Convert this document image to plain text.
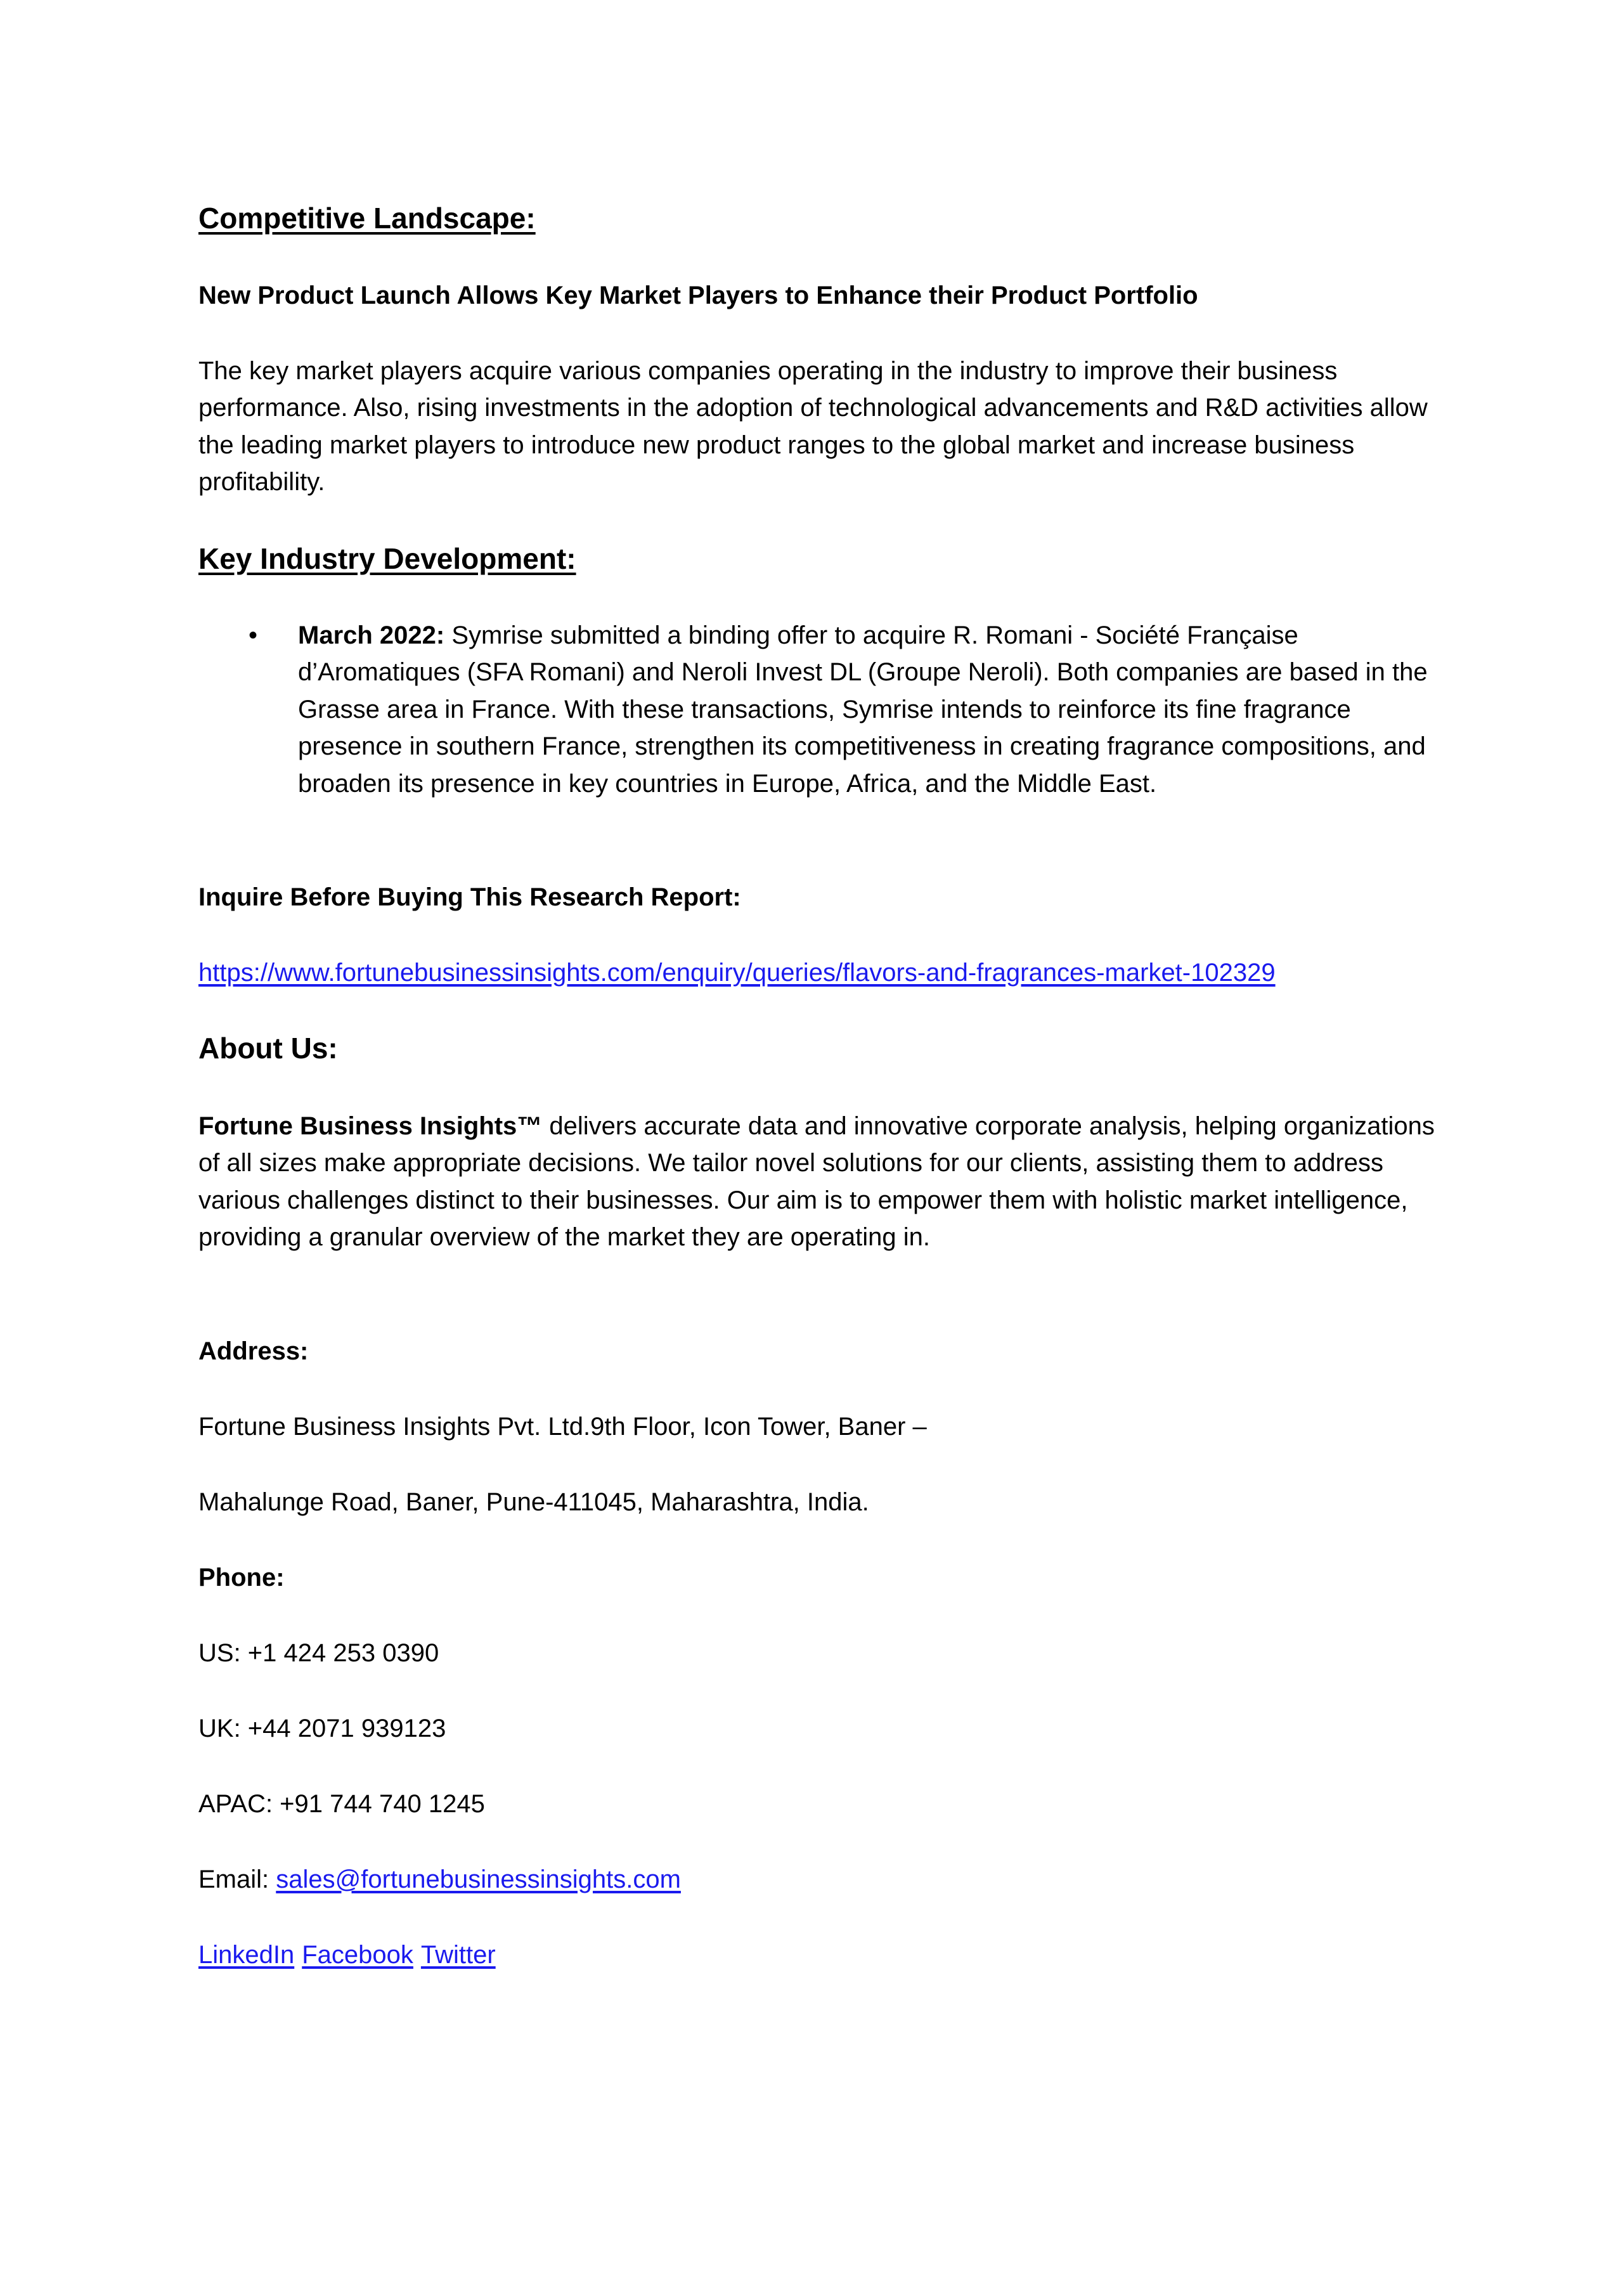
Competitive Landscape:
New Product Launch Allows Key Market Players to Enhance their Product Portfolio

The key market players acquire various companies operating in the industry to improve their business performance. Also, rising investments in the adoption of technological advancements and R&D activities allow the leading market players to introduce new product ranges to the global market and increase business profitability.

Key Industry Development:
• March 2022: Symrise submitted a binding offer to acquire R. Romani - Société Française d’Aromatiques (SFA Romani) and Neroli Invest DL (Groupe Neroli). Both companies are based in the Grasse area in France. With these transactions, Symrise intends to reinforce its fine fragrance presence in southern France, strengthen its competitiveness in creating fragrance compositions, and broaden its presence in key countries in Europe, Africa, and the Middle East.
Inquire Before Buying This Research Report:
https://www.fortunebusinessinsights.com/enquiry/queries/flavors-and-fragrances-market-102329
About Us:

Fortune Business Insights™ delivers accurate data and innovative corporate analysis, helping organizations of all sizes make appropriate decisions. We tailor novel solutions for our clients, assisting them to address various challenges distinct to their businesses. Our aim is to empower them with holistic market intelligence, providing a granular overview of the market they are operating in.

Address:
Fortune Business Insights Pvt. Ltd.9th Floor, Icon Tower, Baner –
Mahalunge Road, Baner, Pune-411045, Maharashtra, India.
Phone:
US: +1 424 253 0390
UK: +44 2071 939123
APAC: +91 744 740 1245
Email: sales@fortunebusinessinsights.com
LinkedIn Facebook Twitter
